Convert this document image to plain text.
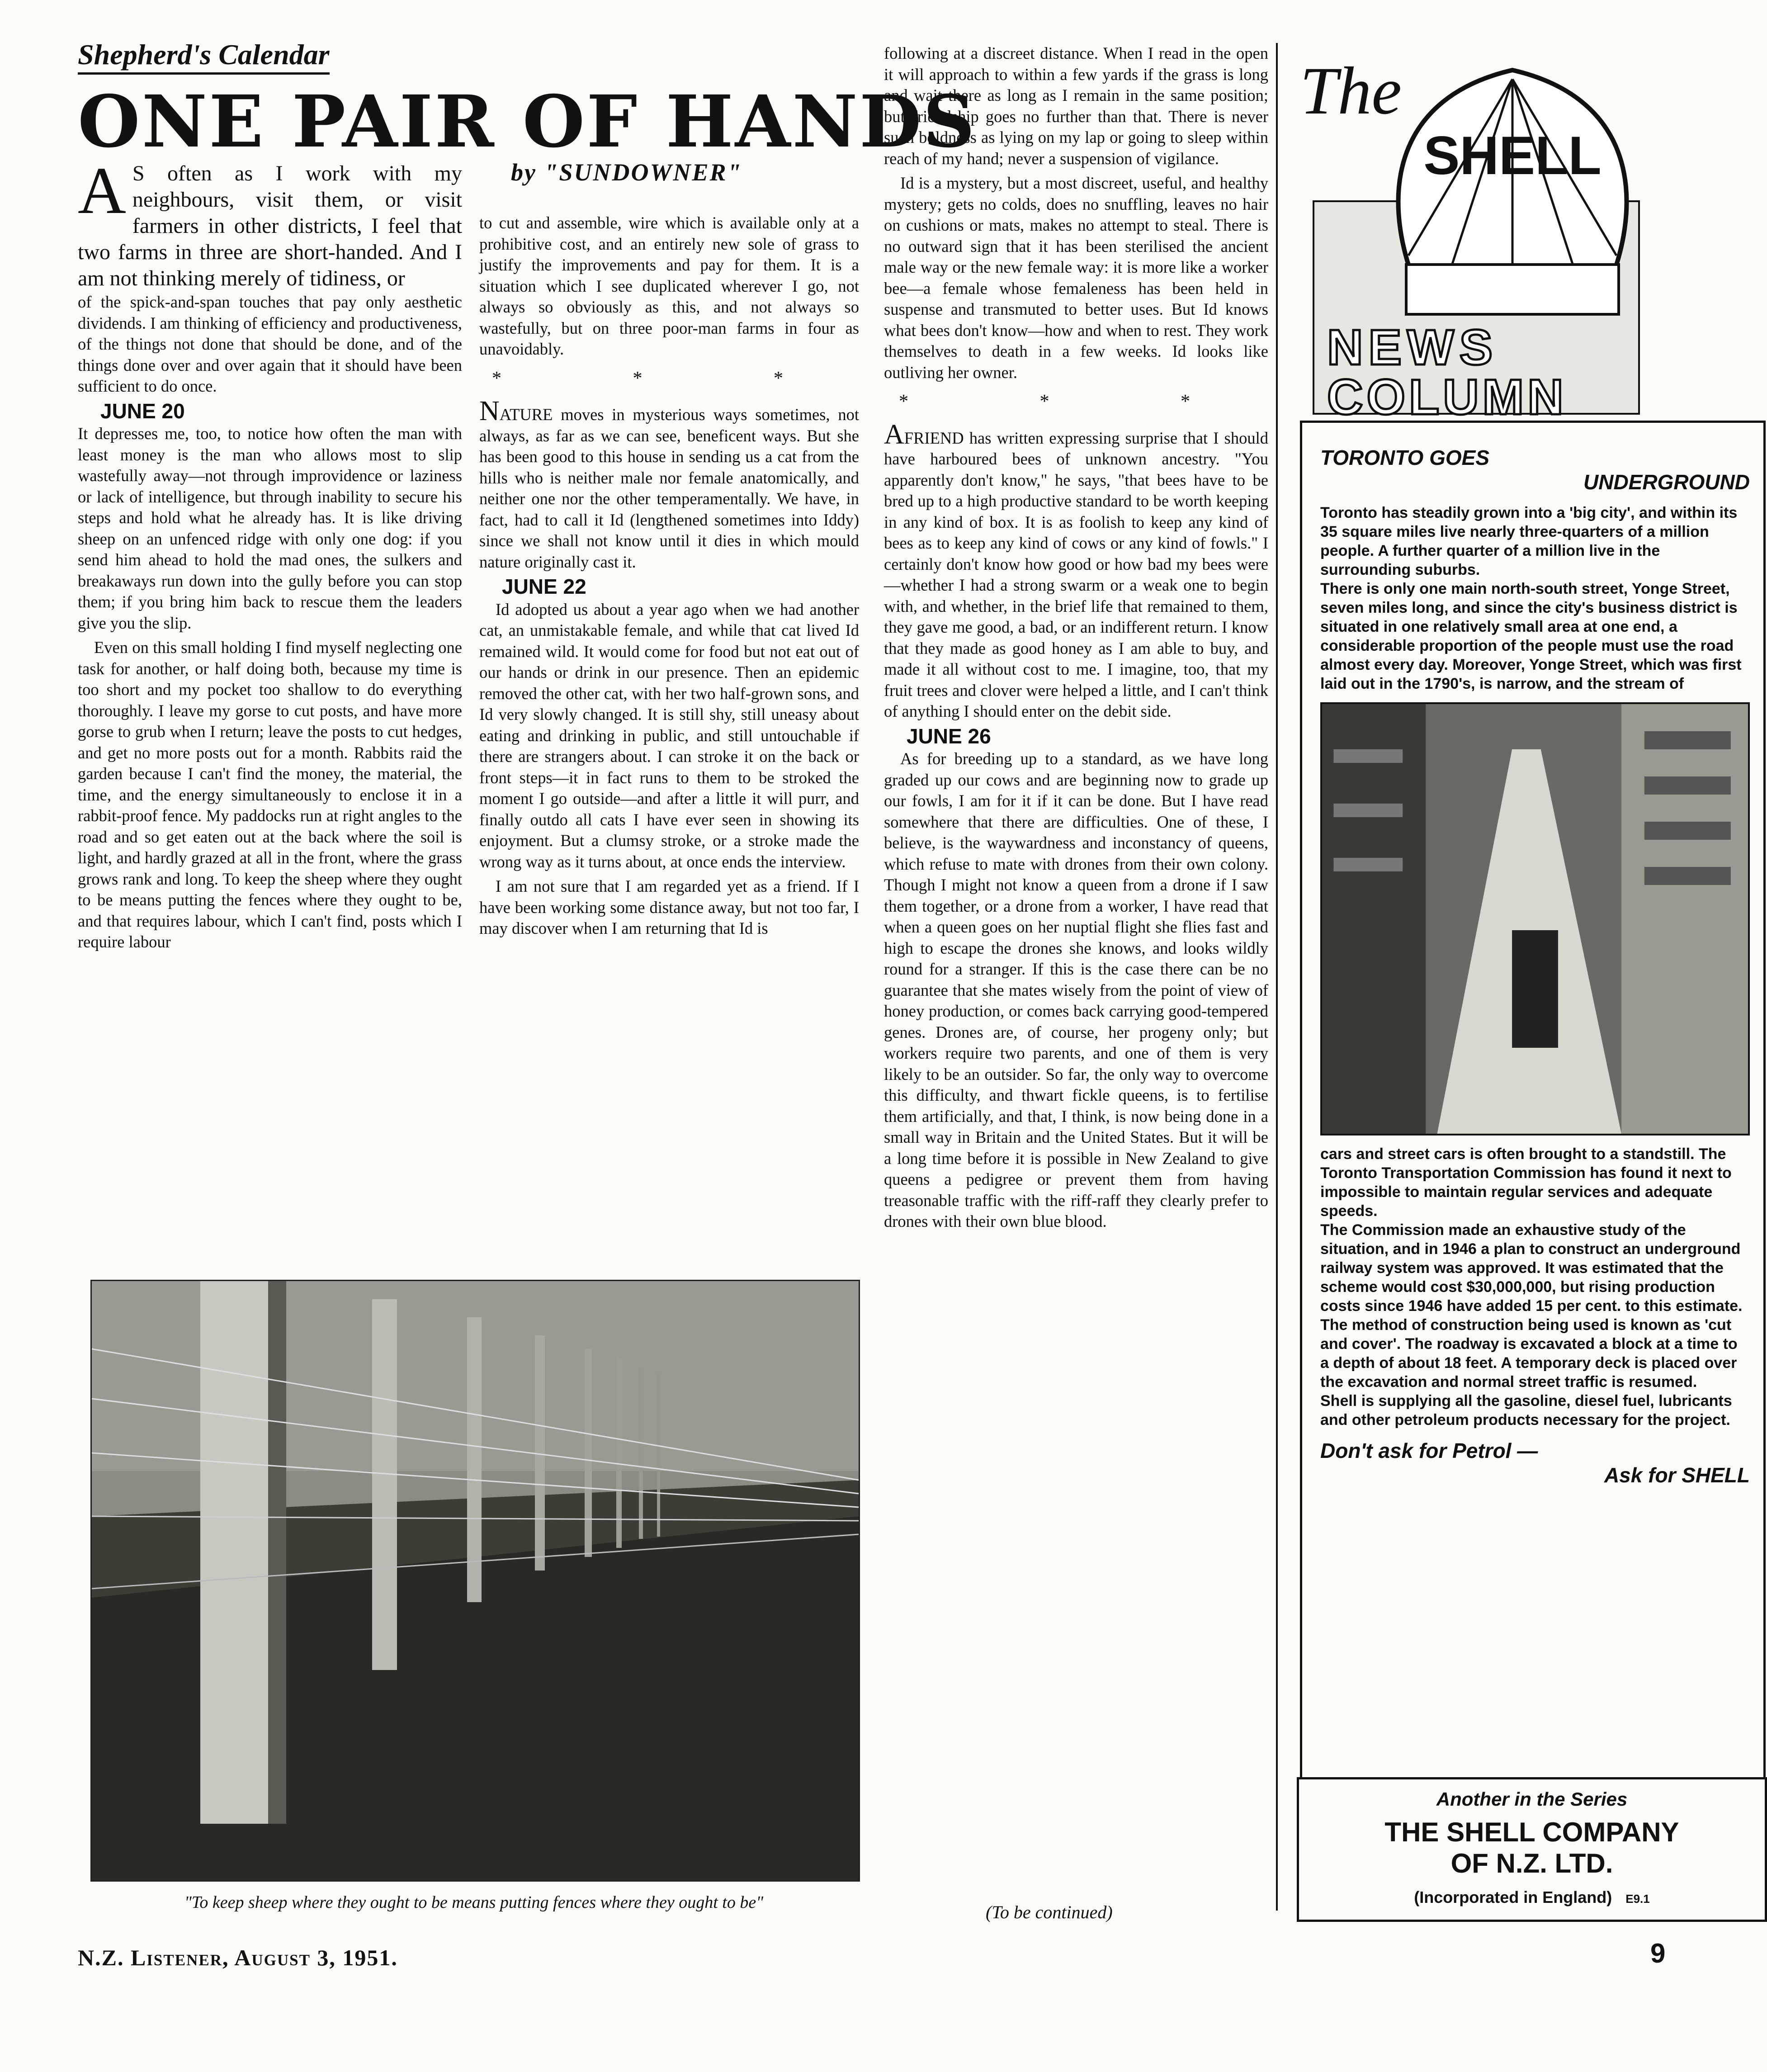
Shepherd's Calendar
ONE PAIR OF HANDS
by "SUNDOWNER"
A S often as I work with my neighbours, visit them, or visit farmers in other districts, I feel that two farms in three are short-handed. And I am not thinking merely of tidiness, or

of the spick-and-span touches that pay only aesthetic dividends. I am thinking of efficiency and productiveness, of the things not done that should be done, and of the things done over and over again that it should have been sufficient to do once.

JUNE 20

It depresses me, too, to notice how often the man with least money is the man who allows most to slip wastefully away—not through improvidence or laziness or lack of intelligence, but through inability to secure his steps and hold what he already has. It is like driving sheep on an unfenced ridge with only one dog: if you send him ahead to hold the mad ones, the sulkers and breakaways run down into the gully before you can stop them; if you bring him back to rescue them the leaders give you the slip.

Even on this small holding I find myself neglecting one task for another, or half doing both, because my time is too short and my pocket too shallow to do everything thoroughly. I leave my gorse to cut posts, and have more gorse to grub when I return; leave the posts to cut hedges, and get no more posts out for a month. Rabbits raid the garden because I can't find the money, the material, the time, and the energy simultaneously to enclose it in a rabbit-proof fence. My paddocks run at right angles to the road and so get eaten out at the back where the soil is light, and hardly grazed at all in the front, where the grass grows rank and long. To keep the sheep where they ought to be means putting the fences where they ought to be, and that requires labour, which I can't find, posts which I require labour

to cut and assemble, wire which is available only at a prohibitive cost, and an entirely new sole of grass to justify the improvements and pay for them. It is a situation which I see duplicated wherever I go, not always so obviously as this, and not always so wastefully, but on three poor-man farms in four as unavoidably.

* * *

NATURE moves in mysterious ways sometimes, not always, as far as we can see, beneficent ways. But she has been good to this house in sending us a cat from the hills who is neither male nor female anatomically, and neither one nor the other temperamentally. We have, in fact, had to call it Id (lengthened sometimes into Iddy) since we shall not know until it dies in which mould nature originally cast it.

JUNE 22

Id adopted us about a year ago when we had another cat, an unmistakable female, and while that cat lived Id remained wild. It would come for food but not eat out of our hands or drink in our presence. Then an epidemic removed the other cat, with her two half-grown sons, and Id very slowly changed. It is still shy, still uneasy about eating and drinking in public, and still untouchable if there are strangers about. I can stroke it on the back or front steps—it in fact runs to them to be stroked the moment I go outside—and after a little it will purr, and finally outdo all cats I have ever seen in showing its enjoyment. But a clumsy stroke, or a stroke made the wrong way as it turns about, at once ends the interview.

I am not sure that I am regarded yet as a friend. If I have been working some distance away, but not too far, I may discover when I am returning that Id is

following at a discreet distance. When I read in the open it will approach to within a few yards if the grass is long and wait there as long as I remain in the same position; but friendship goes no further than that. There is never such boldness as lying on my lap or going to sleep within reach of my hand; never a suspension of vigilance.

Id is a mystery, but a most discreet, useful, and healthy mystery; gets no colds, does no snuffling, leaves no hair on cushions or mats, makes no attempt to steal. There is no outward sign that it has been sterilised the ancient male way or the new female way: it is more like a worker bee—a female whose femaleness has been held in suspense and transmuted to better uses. But Id knows what bees don't know—how and when to rest. They work themselves to death in a few weeks. Id looks like outliving her owner.

* * *

AFRIEND has written expressing surprise that I should have harboured bees of unknown ancestry. "You apparently don't know," he says, "that bees have to be bred up to a high productive standard to be worth keeping in any kind of box. It is as foolish to keep any kind of bees as to keep any kind of cows or any kind of fowls." I certainly don't know how good or how bad my bees were—whether I had a strong swarm or a weak one to begin with, and whether, in the brief life that remained to them, they gave me good, a bad, or an indifferent return. I know that they made as good honey as I am able to buy, and made it all without cost to me. I imagine, too, that my fruit trees and clover were helped a little, and I can't think of anything I should enter on the debit side.

JUNE 26

As for breeding up to a standard, as we have long graded up our cows and are beginning now to grade up our fowls, I am for it if it can be done. But I have read somewhere that there are difficulties. One of these, I believe, is the waywardness and inconstancy of queens, which refuse to mate with drones from their own colony. Though I might not know a queen from a drone if I saw them together, or a drone from a worker, I have read that when a queen goes on her nuptial flight she flies fast and high to escape the drones she knows, and looks wildly round for a stranger. If this is the case there can be no guarantee that she mates wisely from the point of view of honey production, or comes back carrying good-tempered genes. Drones are, of course, her progeny only; but workers require two parents, and one of them is very likely to be an outsider. So far, the only way to overcome this difficulty, and thwart fickle queens, is to fertilise them artificially, and that, I think, is now being done in a small way in Britain and the United States. But it will be a long time before it is possible in New Zealand to give queens a pedigree or prevent them from having treasonable traffic with the riff-raff they clearly prefer to drones with their own blue blood.

"To keep sheep where they ought to be means putting fences where they ought to be"	(To be continued)
N.Z. Listener, August 3, 1951.	9
The
SHELL
NEWS
COLUMN
TORONTO GOES
UNDERGROUND
Toronto has steadily grown into a 'big city', and within its 35 square miles live nearly three-quarters of a million people. A further quarter of a million live in the surrounding suburbs.
There is only one main north-south street, Yonge Street, seven miles long, and since the city's business district is situated in one relatively small area at one end, a considerable proportion of the people must use the road almost every day. Moreover, Yonge Street, which was first laid out in the 1790's, is narrow, and the stream of
cars and street cars is often brought to a standstill. The Toronto Transportation Commission has found it next to impossible to maintain regular services and adequate speeds.
The Commission made an exhaustive study of the situation, and in 1946 a plan to construct an underground railway system was approved. It was estimated that the scheme would cost $30,000,000, but rising production costs since 1946 have added 15 per cent. to this estimate.
The method of construction being used is known as 'cut and cover'. The roadway is excavated a block at a time to a depth of about 18 feet. A temporary deck is placed over the excavation and normal street traffic is resumed.
Shell is supplying all the gasoline, diesel fuel, lubricants and other petroleum products necessary for the project.
Don't ask for Petrol —
Ask for SHELL
Another in the Series
THE SHELL COMPANY
OF N.Z. LTD.
(Incorporated in England) E9.1
